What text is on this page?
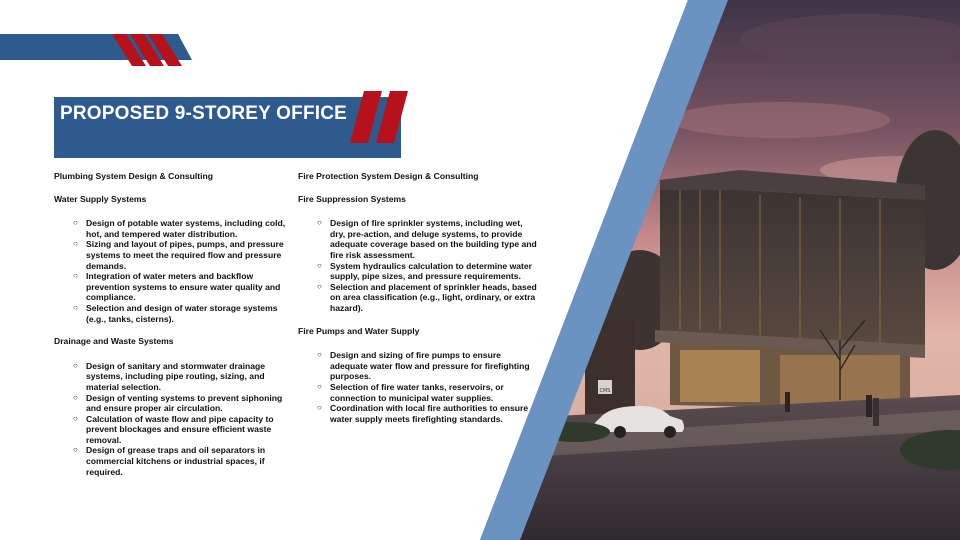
PROPOSED 9-STOREY OFFICE
CMS
Plumbing System Design & Consulting
Water Supply Systems
○ Design of potable water systems, including cold, hot, and tempered water distribution.
○ Sizing and layout of pipes, pumps, and pressure systems to meet the required flow and pressure demands.
○ Integration of water meters and backflow prevention systems to ensure water quality and compliance.
○ Selection and design of water storage systems (e.g., tanks, cisterns).
Drainage and Waste Systems
○ Design of sanitary and stormwater drainage systems, including pipe routing, sizing, and material selection.
○ Design of venting systems to prevent siphoning and ensure proper air circulation.
○ Calculation of waste flow and pipe capacity to prevent blockages and ensure efficient waste removal.
○ Design of grease traps and oil separators in commercial kitchens or industrial spaces, if required.
Fire Protection System Design & Consulting
Fire Suppression Systems
○ Design of fire sprinkler systems, including wet, dry, pre-action, and deluge systems, to provide adequate coverage based on the building type and fire risk assessment.
○ System hydraulics calculation to determine water supply, pipe sizes, and pressure requirements.
○ Selection and placement of sprinkler heads, based on area classification (e.g., light, ordinary, or extra hazard).
Fire Pumps and Water Supply
○ Design and sizing of fire pumps to ensure adequate water flow and pressure for firefighting purposes.
○ Selection of fire water tanks, reservoirs, or connection to municipal water supplies.
○ Coordination with local fire authorities to ensure water supply meets firefighting standards.
